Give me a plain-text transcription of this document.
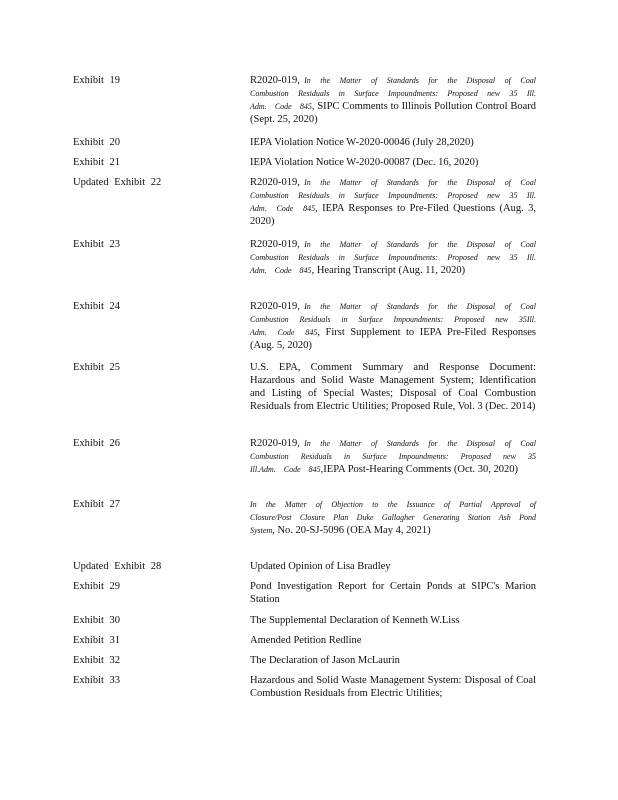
Exhibit 19	R2020-019, In the Matter of Standards for the Disposal of Coal Combustion Residuals in Surface Impoundments: Proposed new 35 Ill. Adm. Code 845, SIPC Comments to Illinois Pollution Control Board (Sept. 25, 2020)
Exhibit 20	IEPA Violation Notice W-2020-00046 (July 28,2020)
Exhibit 21	IEPA Violation Notice W-2020-00087 (Dec. 16, 2020)
Updated Exhibit 22	R2020-019, In the Matter of Standards for the Disposal of Coal Combustion Residuals in Surface Impoundments: Proposed new 35 Ill. Adm. Code 845, IEPA Responses to Pre-Filed Questions (Aug. 3, 2020)
Exhibit 23	R2020-019, In the Matter of Standards for the Disposal of Coal Combustion Residuals in Surface Impoundments: Proposed new 35 Ill. Adm. Code 845, Hearing Transcript (Aug. 11, 2020)
Exhibit 24	R2020-019, In the Matter of Standards for the Disposal of Coal Combustion Residuals in Surface Impoundments: Proposed new 35Ill. Adm. Code 845, First Supplement to IEPA Pre-Filed Responses (Aug. 5, 2020)
Exhibit 25	U.S. EPA, Comment Summary and Response Document: Hazardous and Solid Waste Management System; Identification and Listing of Special Wastes; Disposal of Coal Combustion Residuals from Electric Utilities; Proposed Rule, Vol. 3 (Dec. 2014)
Exhibit 26	R2020-019, In the Matter of Standards for the Disposal of Coal Combustion Residuals in Surface Impoundments: Proposed new 35 Ill.Adm. Code 845,IEPA Post-Hearing Comments (Oct. 30, 2020)
Exhibit 27	In the Matter of Objection to the Issuance of Partial Approval of Closure/Post Closure Plan Duke Gallagher Generating Station Ash Pond System, No. 20-SJ-5096 (OEA May 4, 2021)
Updated Exhibit 28	Updated Opinion of Lisa Bradley
Exhibit 29	Pond Investigation Report for Certain Ponds at SIPC's Marion Station
Exhibit 30	The Supplemental Declaration of Kenneth W.Liss
Exhibit 31	Amended Petition Redline
Exhibit 32	The Declaration of Jason McLaurin
Exhibit 33	Hazardous and Solid Waste Management System: Disposal of Coal Combustion Residuals from Electric Utilities;
